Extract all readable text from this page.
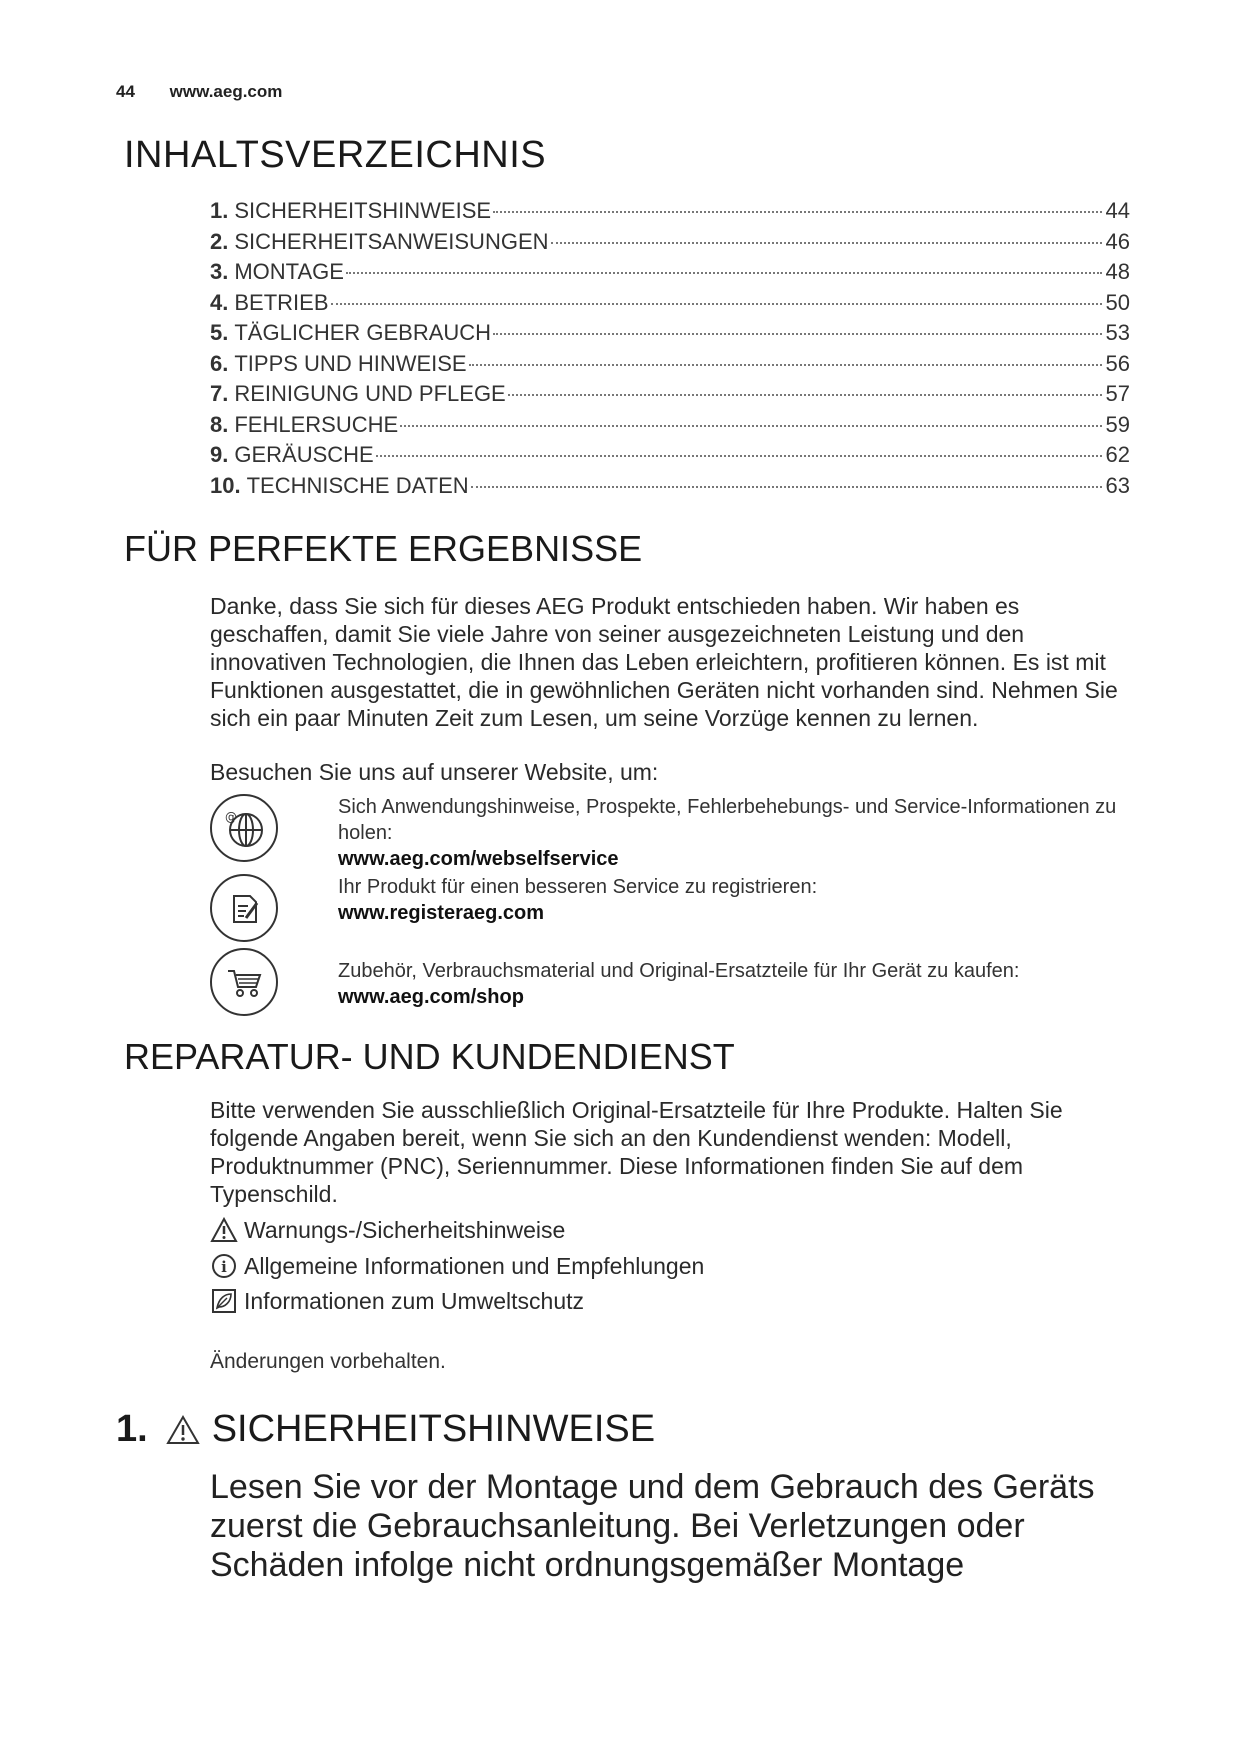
44 www.aeg.com
INHALTSVERZEICHNIS
1. SICHERHEITSHINWEISE	44
2. SICHERHEITSANWEISUNGEN	46
3. MONTAGE	48
4. BETRIEB	50
5. TÄGLICHER GEBRAUCH	53
6. TIPPS UND HINWEISE	56
7. REINIGUNG UND PFLEGE	57
8. FEHLERSUCHE	59
9. GERÄUSCHE	62
10. TECHNISCHE DATEN	63
FÜR PERFEKTE ERGEBNISSE
Danke, dass Sie sich für dieses AEG Produkt entschieden haben. Wir haben es geschaffen, damit Sie viele Jahre von seiner ausgezeichneten Leistung und den innovativen Technologien, die Ihnen das Leben erleichtern, profitieren können. Es ist mit Funktionen ausgestattet, die in gewöhnlichen Geräten nicht vorhanden sind. Nehmen Sie sich ein paar Minuten Zeit zum Lesen, um seine Vorzüge kennen zu lernen.
Besuchen Sie uns auf unserer Website, um:
@	Sich Anwendungshinweise, Prospekte, Fehlerbehebungs- und Service-Informationen zu holen:
www.aeg.com/webselfservice
Ihr Produkt für einen besseren Service zu registrieren:
www.registeraeg.com
Zubehör, Verbrauchsmaterial und Original-Ersatzteile für Ihr Gerät zu kaufen:
www.aeg.com/shop
REPARATUR- UND KUNDENDIENST
Bitte verwenden Sie ausschließlich Original-Ersatzteile für Ihre Produkte. Halten Sie folgende Angaben bereit, wenn Sie sich an den Kundendienst wenden: Modell, Produktnummer (PNC), Seriennummer. Diese Informationen finden Sie auf dem Typenschild.
Warnungs-/Sicherheitshinweise
i Allgemeine Informationen und Empfehlungen
Informationen zum Umweltschutz
Änderungen vorbehalten.
1. SICHERHEITSHINWEISE
Lesen Sie vor der Montage und dem Gebrauch des Geräts zuerst die Gebrauchsanleitung. Bei Verletzungen oder Schäden infolge nicht ordnungsgemäßer Montage
